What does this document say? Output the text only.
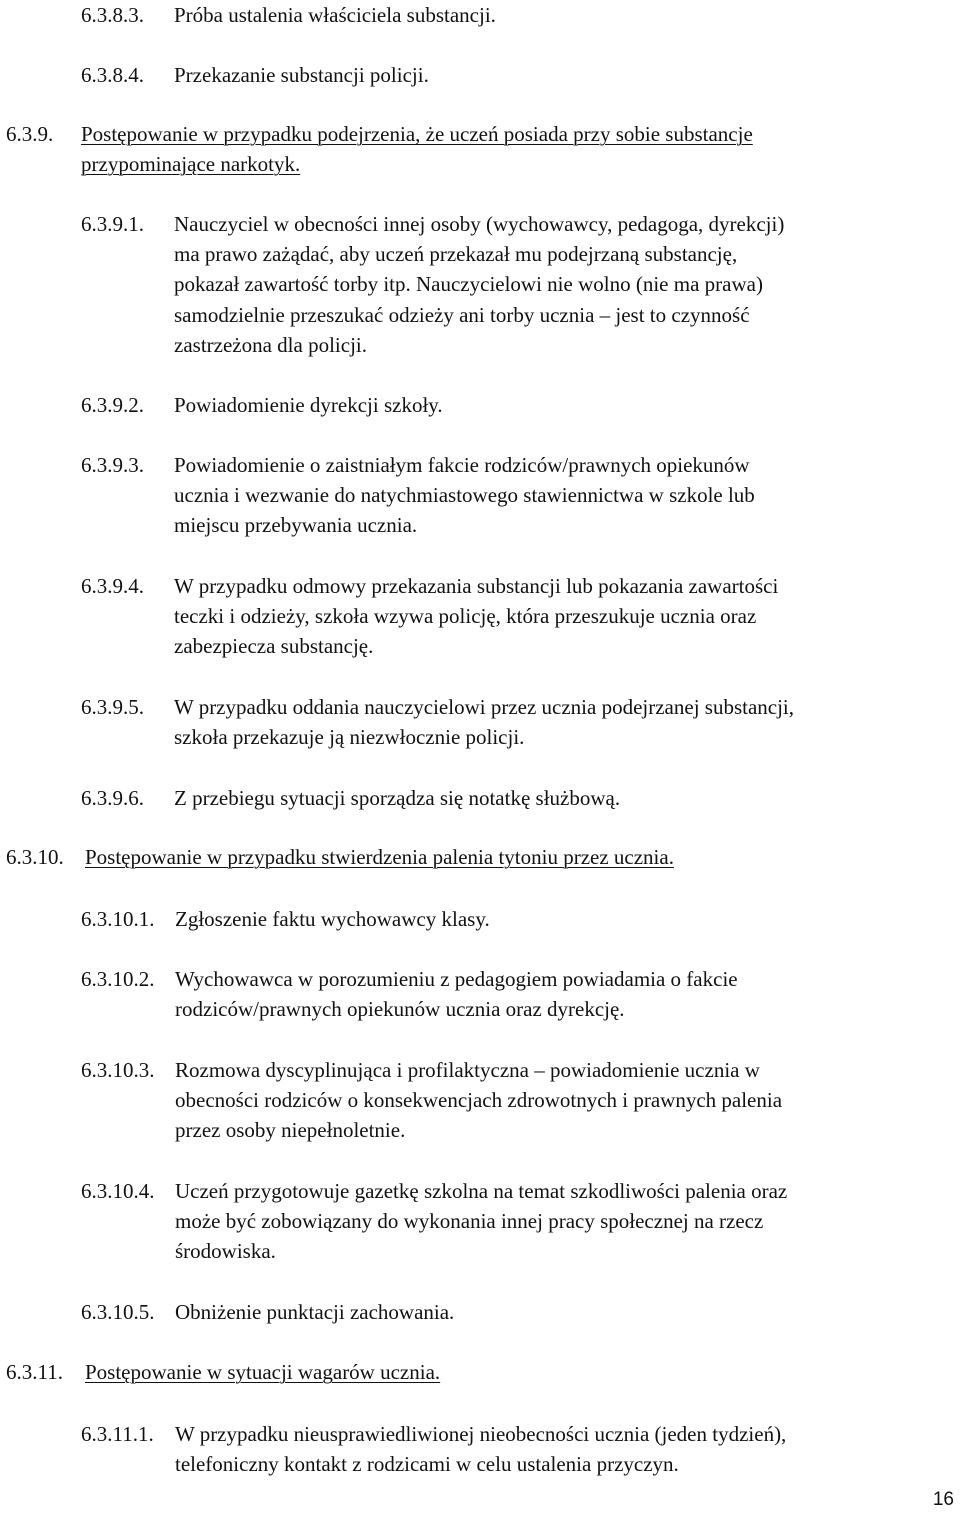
6.3.8.3. Próba ustalenia właściciela substancji.
6.3.8.4. Przekazanie substancji policji.
6.3.9. Postępowanie w przypadku podejrzenia, że uczeń posiada przy sobie substancje
przypominające narkotyk.
6.3.9.1. Nauczyciel w obecności innej osoby (wychowawcy, pedagoga, dyrekcji)
ma prawo zażądać, aby uczeń przekazał mu podejrzaną substancję,
pokazał zawartość torby itp. Nauczycielowi nie wolno (nie ma prawa)
samodzielnie przeszukać odzieży ani torby ucznia – jest to czynność
zastrzeżona dla policji.
6.3.9.2. Powiadomienie dyrekcji szkoły.
6.3.9.3. Powiadomienie o zaistniałym fakcie rodziców/prawnych opiekunów
ucznia i wezwanie do natychmiastowego stawiennictwa w szkole lub
miejscu przebywania ucznia.
6.3.9.4. W przypadku odmowy przekazania substancji lub pokazania zawartości
teczki i odzieży, szkoła wzywa policję, która przeszukuje ucznia oraz
zabezpiecza substancję.
6.3.9.5. W przypadku oddania nauczycielowi przez ucznia podejrzanej substancji,
szkoła przekazuje ją niezwłocznie policji.
6.3.9.6. Z przebiegu sytuacji sporządza się notatkę służbową.
6.3.10. Postępowanie w przypadku stwierdzenia palenia tytoniu przez ucznia.
6.3.10.1. Zgłoszenie faktu wychowawcy klasy.
6.3.10.2. Wychowawca w porozumieniu z pedagogiem powiadamia o fakcie
rodziców/prawnych opiekunów ucznia oraz dyrekcję.
6.3.10.3. Rozmowa dyscyplinująca i profilaktyczna – powiadomienie ucznia w
obecności rodziców o konsekwencjach zdrowotnych i prawnych palenia
przez osoby niepełnoletnie.
6.3.10.4. Uczeń przygotowuje gazetkę szkolna na temat szkodliwości palenia oraz
może być zobowiązany do wykonania innej pracy społecznej na rzecz
środowiska.
6.3.10.5. Obniżenie punktacji zachowania.
6.3.11. Postępowanie w sytuacji wagarów ucznia.
6.3.11.1. W przypadku nieusprawiedliwionej nieobecności ucznia (jeden tydzień),
telefoniczny kontakt z rodzicami w celu ustalenia przyczyn.
16
